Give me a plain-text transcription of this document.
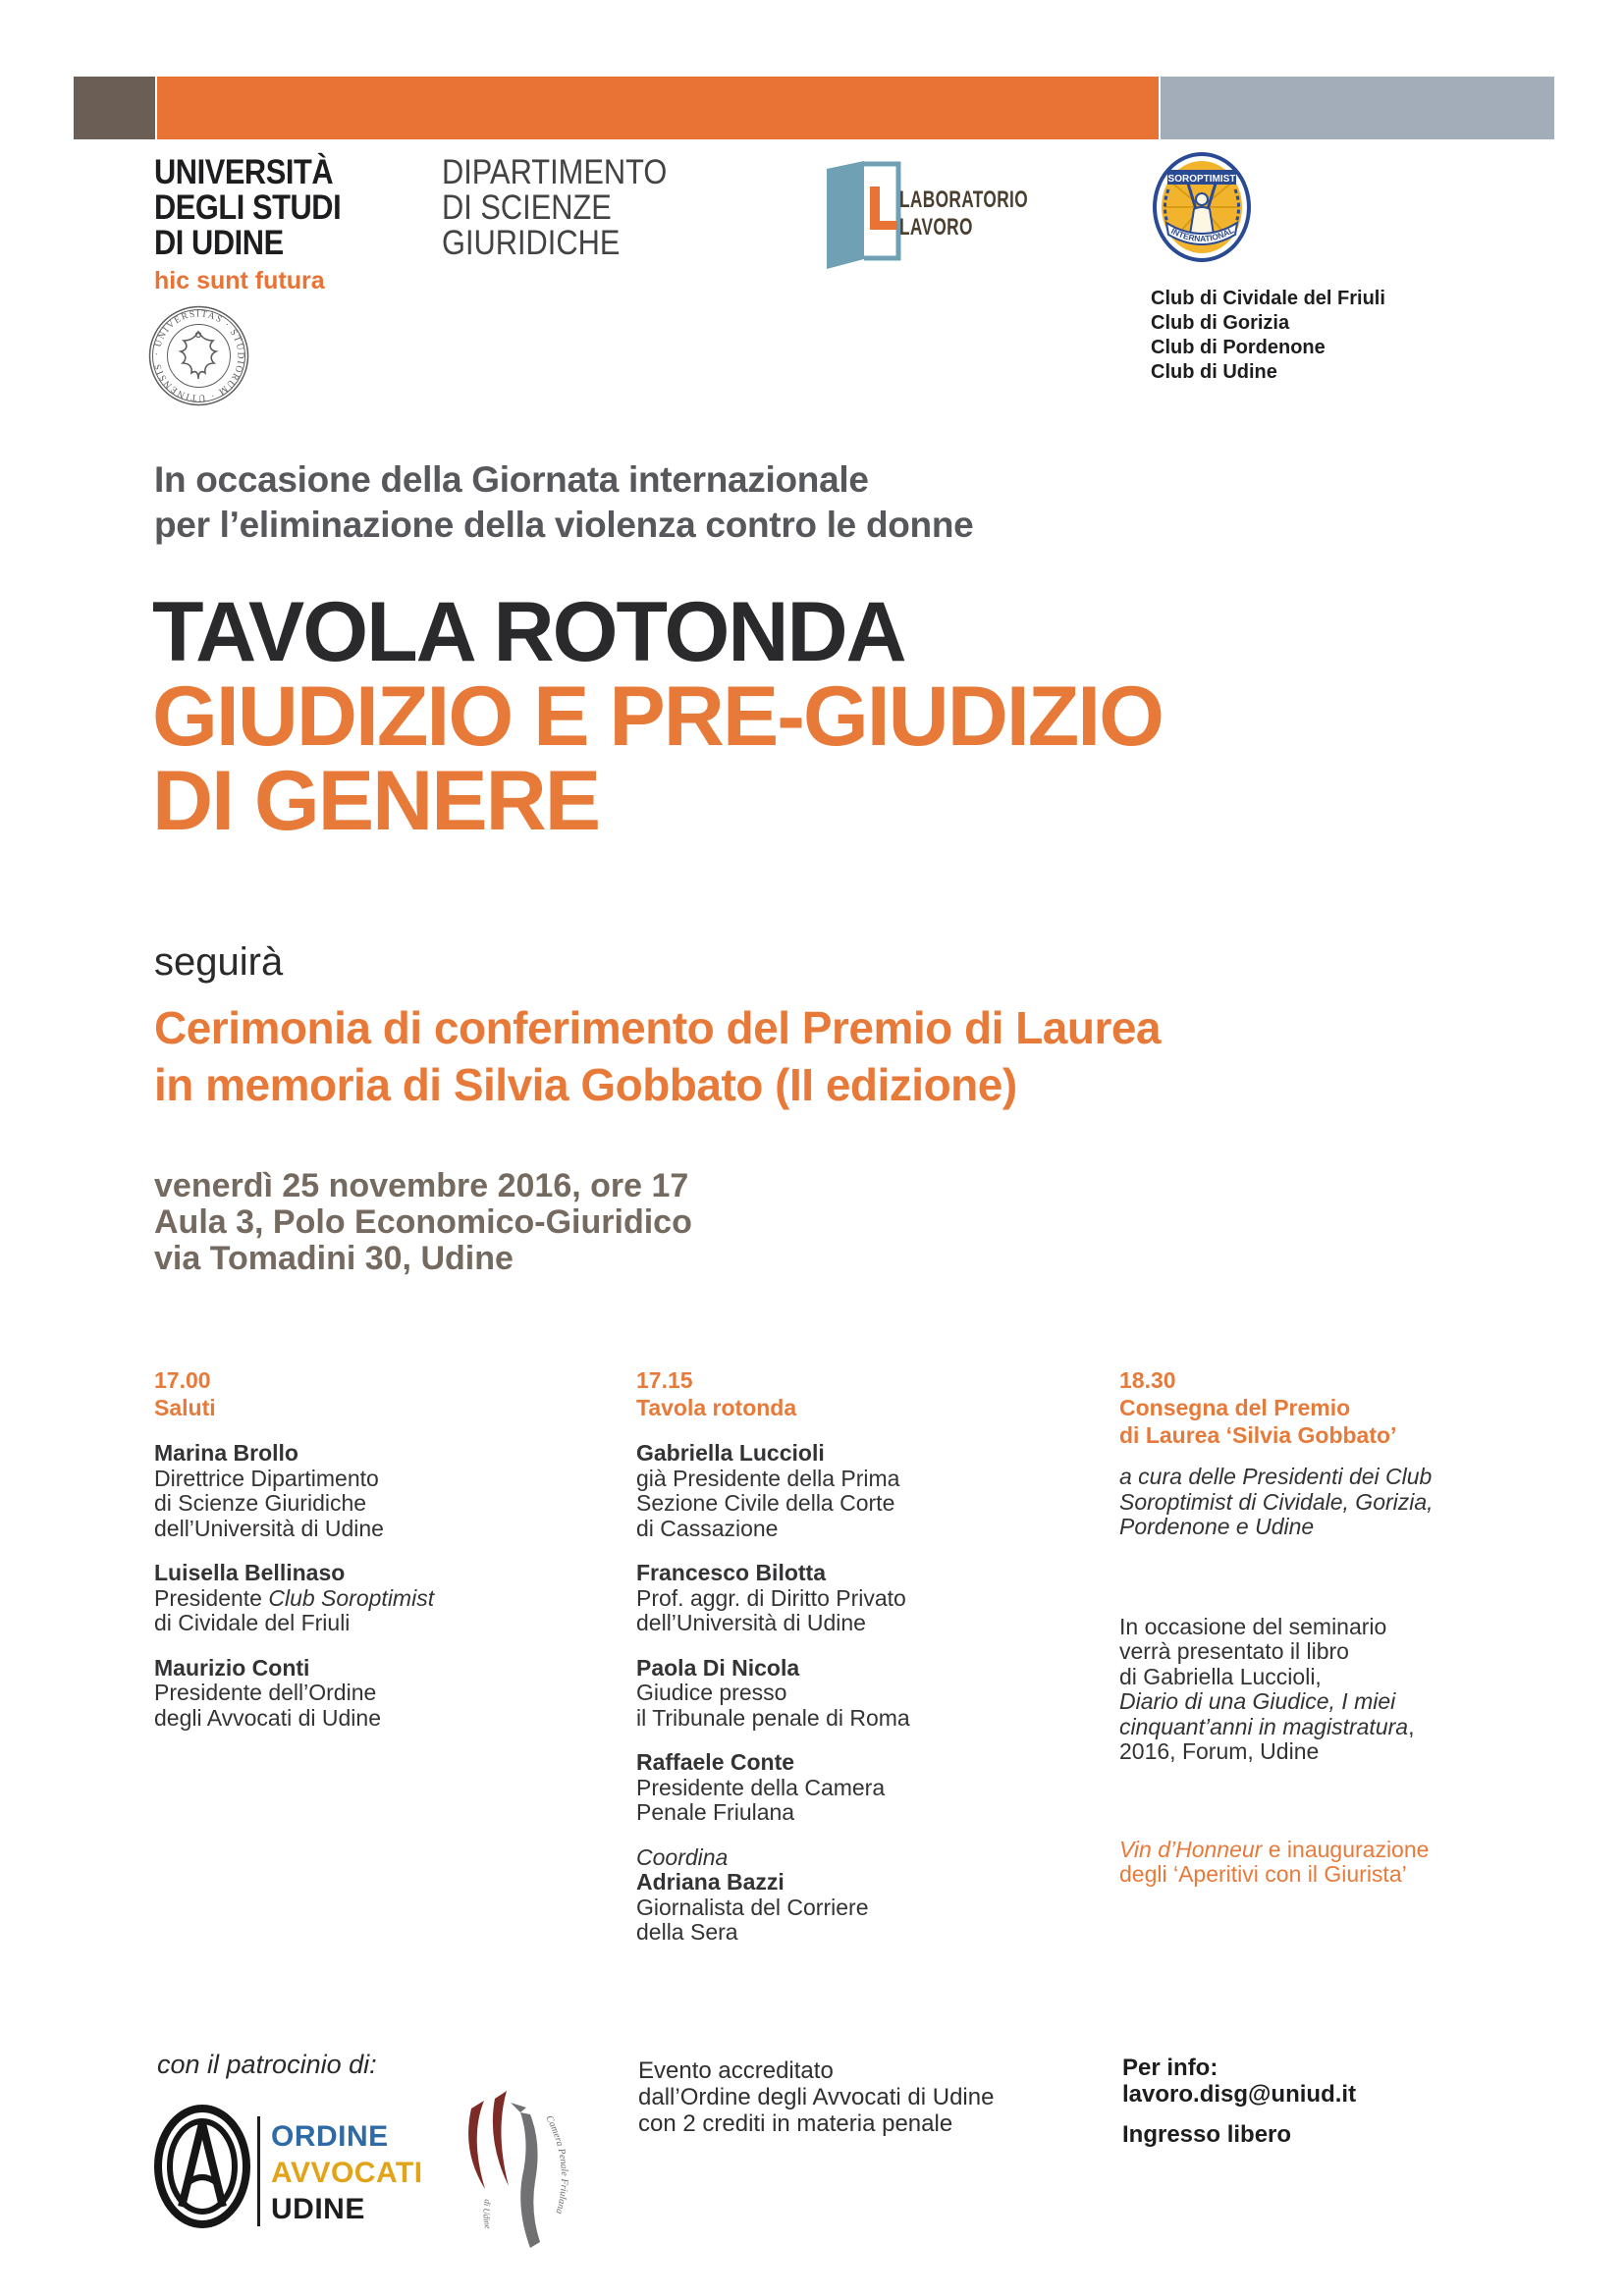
UNIVERSITÀ
DEGLI STUDI
DI UDINE
hic sunt futura
DIPARTIMENTO
DI SCIENZE
GIURIDICHE
LABORATORIO
LAVORO
SOROPTIMIST
INTERNATIONAL
Club di Cividale del Friuli
Club di Gorizia
Club di Pordenone
Club di Udine
· UNIVERSITAS · STUDIORUM · UTINENSIS
In occasione della Giornata internazionale
per l’eliminazione della violenza contro le donne
TAVOLA ROTONDA
GIUDIZIO E PRE-GIUDIZIO
DI GENERE
seguirà
Cerimonia di conferimento del Premio di Laurea
in memoria di Silvia Gobbato (II edizione)
venerdì 25 novembre 2016, ore 17
Aula 3, Polo Economico-Giuridico
via Tomadini 30, Udine
17.00
Saluti
Marina Brollo
Direttrice Dipartimento
di Scienze Giuridiche
dell’Università di Udine
Luisella Bellinaso
Presidente Club Soroptimist
di Cividale del Friuli
Maurizio Conti
Presidente dell’Ordine
degli Avvocati di Udine
17.15
Tavola rotonda
Gabriella Luccioli
già Presidente della Prima
Sezione Civile della Corte
di Cassazione
Francesco Bilotta
Prof. aggr. di Diritto Privato
dell’Università di Udine
Paola Di Nicola
Giudice presso
il Tribunale penale di Roma
Raffaele Conte
Presidente della Camera
Penale Friulana
Coordina
Adriana Bazzi
Giornalista del Corriere
della Sera
18.30
Consegna del Premio
di Laurea ‘Silvia Gobbato’
a cura delle Presidenti dei Club
Soroptimist di Cividale, Gorizia,
Pordenone e Udine
In occasione del seminario
verrà presentato il libro
di Gabriella Luccioli,
Diario di una Giudice, I miei
cinquant’anni in magistratura,
2016, Forum, Udine
Vin d’Honneur e inaugurazione
degli ‘Aperitivi con il Giurista’
con il patrocinio di:
ORDINE
AVVOCATI
UDINE
Camera Penale Friulana
di Udine
Evento accreditato
dall’Ordine degli Avvocati di Udine
con 2 crediti in materia penale
Per info:
lavoro.disg@uniud.it
Ingresso libero
